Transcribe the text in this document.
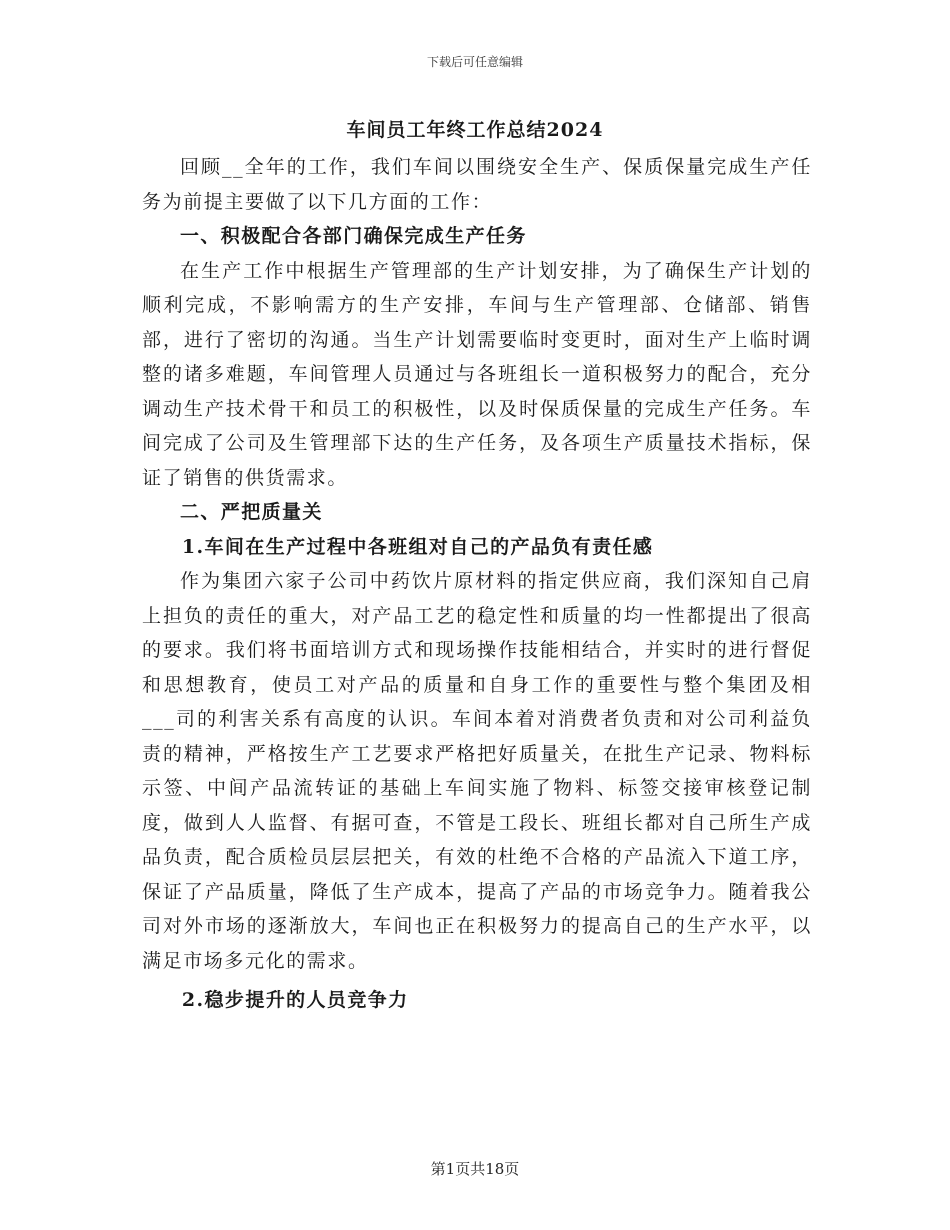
下载后可任意编辑
车间员工年终工作总结2024

回顾__全年的工作，我们车间以围绕安全生产、保质保量完成生产任务为前提主要做了以下几方面的工作：

一、积极配合各部门确保完成生产任务

在生产工作中根据生产管理部的生产计划安排，为了确保生产计划的顺利完成，不影响需方的生产安排，车间与生产管理部、仓储部、销售部，进行了密切的沟通。当生产计划需要临时变更时，面对生产上临时调整的诸多难题，车间管理人员通过与各班组长一道积极努力的配合，充分调动生产技术骨干和员工的积极性，以及时保质保量的完成生产任务。车间完成了公司及生管理部下达的生产任务，及各项生产质量技术指标，保证了销售的供货需求。

二、严把质量关

1.车间在生产过程中各班组对自己的产品负有责任感

作为集团六家子公司中药饮片原材料的指定供应商，我们深知自己肩上担负的责任的重大，对产品工艺的稳定性和质量的均一性都提出了很高的要求。我们将书面培训方式和现场操作技能相结合，并实时的进行督促和思想教育，使员工对产品的质量和自身工作的重要性与整个集团及相___司的利害关系有高度的认识。车间本着对消费者负责和对公司利益负责的精神，严格按生产工艺要求严格把好质量关，在批生产记录、物料标示签、中间产品流转证的基础上车间实施了物料、标签交接审核登记制度，做到人人监督、有据可查，不管是工段长、班组长都对自己所生产成品负责，配合质检员层层把关，有效的杜绝不合格的产品流入下道工序，保证了产品质量，降低了生产成本，提高了产品的市场竞争力。随着我公司对外市场的逐渐放大，车间也正在积极努力的提高自己的生产水平，以满足市场多元化的需求。

2.稳步提升的人员竞争力

第1页共18页
